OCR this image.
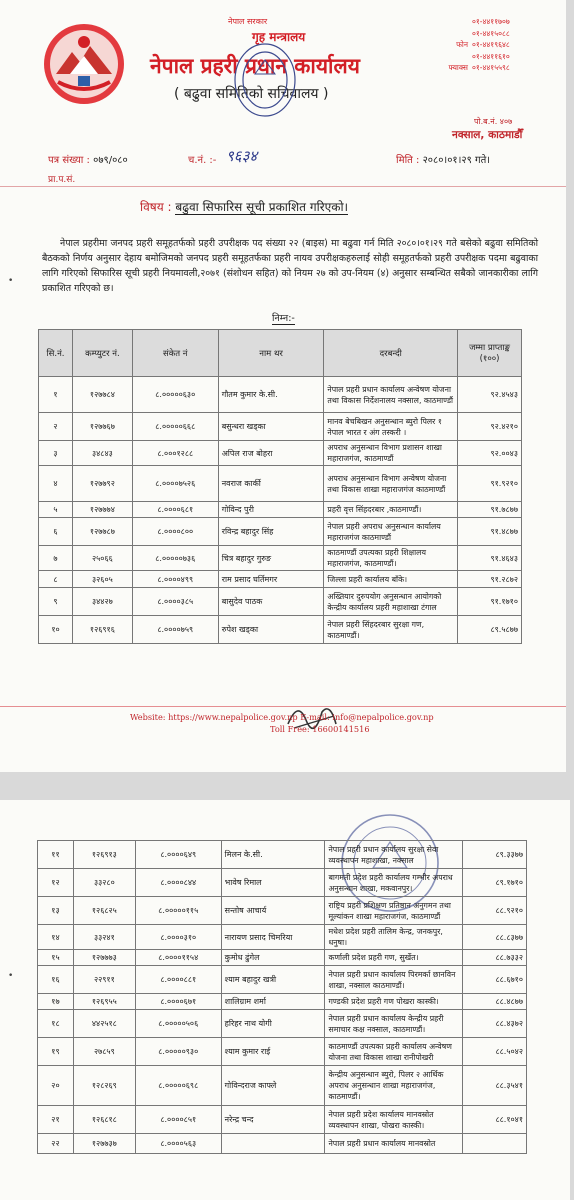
नेपाल सरकार
गृह मन्त्रालय
नेपाल प्रहरी प्रधान कार्यालय
( बढुवा समितिको सचिवालय )
०१-४४११७०७
०१-४४१५०८८
फोन ०१-४४१९६४८
०१-४४११६१०
फ्याक्स ०१-४४१५५९८
पो.ब.नं. ४०७
नक्साल, काठमाडौँ
पत्र संख्या : ०७९/०८०	च.नं. :- ९६३४	मिति : २०८०।०१।२९ गते।
प्रा.प.सं.
विषय : बढुवा सिफारिस सूची प्रकाशित गरिएको।
•
नेपाल प्रहरीमा जनपद प्रहरी समूहतर्फको प्रहरी उपरीक्षक पद संख्या २२ (बाइस) मा बढुवा गर्न मिति २०८०।०१।२९ गते बसेको बढुवा समितिको बैठकको निर्णय अनुसार देहाय बमोजिमको जनपद प्रहरी समूहतर्फका प्रहरी नायव उपरीक्षकहरुलाई सोही समूहतर्फको प्रहरी उपरीक्षक पदमा बढुवाका लागि गरिएको सिफारिस सूची प्रहरी नियमावली,२०७१ (संशोधन सहित) को नियम २७ को उप-नियम (४) अनुसार सम्बन्धित सबैको जानकारीका लागि प्रकाशित गरिएको छ।
निम्न:-
सि.नं.	कम्प्युटर नं.	संकेत नं	नाम थर	दरबन्दी	जम्मा प्राप्ताङ्क (१००)
१	१२७७८४	८.०००००६३०	गौतम कुमार के.सी.	नेपाल प्रहरी प्रधान कार्यालय अन्वेषण योजना तथा विकास निर्देशनालय नक्साल, काठमाण्डौं	९२.४५४३
२	१२७७६७	८.०००००६६८	बसुन्धरा खड्का	मानव बेचबिखन अनुसन्धान ब्युरो पिलर १ नेपाल भारत र अंग तस्करी ।	९२.४२१०
३	३४८४३	८.०००१२८८	अपिल राज बोहरा	अपराध अनुसन्धान विभाग प्रशासन शाखा महाराजगंज, काठमाण्डौं	९२.००४३
४	१२७७९२	८.००००७५२६	नवराज कार्की	अपराध अनुसन्धान विभाग अन्वेषण योजना तथा विकास शाखा महाराजगंज काठमाण्डौं	९१.९२१०
५	१२७७७४	८.००००६८१	गोविन्द पुरी	प्रहरी वृत्त सिंहदरबार ,काठमाण्डौं।	९१.७८७७
६	१२७७८७	८.००००८००	रविन्द्र बहादुर सिंह	नेपाल प्रहरी अपराध अनुसन्धान कार्यालय महाराजगंज काठमाण्डौं	९१.४८७७
७	२५०६६	८.०००००७३६	चित्र बहादुर गुरुङ	काठमाण्डौं उपत्यका प्रहरी शिक्षालय महाराजगंज, काठमाण्डौं।	९१.४६४३
८	३२६०५	८.००००४९९	राम प्रसाद घर्तिमगर	जिल्ला प्रहरी कार्यालय बाँके।	९१.२८७२
९	३४४२७	८.००००३८५	बासुदेव पाठक	अख्तियार दुरुपयोग अनुसन्धान आयोगको केन्द्रीय कार्यालय प्रहरी महाशाखा टंगाल	९१.१७१०
१०	१२६९१६	८.००००७५९	रुपेश खड्का	नेपाल प्रहरी सिंहदरबार सुरक्षा गण, काठमाण्डौं।	८९.५८७७
Website: https://www.nepalpolice.gov.np E-mail: info@nepalpolice.gov.np
Toll Free: 16600141516
११	१२६९१३	८.००००६४९	मिलन के.सी.	नेपाल प्रहरी प्रधान कार्यालय सुरक्षा सेवा व्यवस्थापन महाशाखा, नक्साल	८९.३३७७
१२	३३२८०	८.००००८४४	भावेष रिमाल	बागमती प्रदेश प्रहरी कार्यालय गम्भीर अपराध अनुसन्धान शाखा, मकवानपुर।	८९.१७१०
१३	१२६८२५	८.०००००११५	सन्तोष आचार्य	राष्ट्रिय प्रहरी प्रशिक्षण प्रतिष्ठान अनुगमन तथा मूल्यांकन शाखा महाराजगंज, काठमाण्डौं	८८.९२१०
१४	३३२४१	८.००००३१०	नारायण प्रसाद चिमरिया	मधेश प्रदेश प्रहरी तालिम केन्द्र, जनकपुर, धनुषा।	८८.८३७७
१५	१२७७७३	८.००००११५४	कुमोध ढुंगेल	कर्णाली प्रदेश प्रहरी गण, सुर्खेत।	८८.७३३२
१६	२२९११	८.००००८८१	श्याम बहादुर खत्री	नेपाल प्रहरी प्रधान कार्यालय पिरमर्का छानविन शाखा, नक्साल काठमाण्डौं।	८८.६७१०
१७	१२६९५५	८.००००६७१	शालिग्राम शर्मा	गण्डकी प्रदेश प्रहरी गण पोखरा कास्की।	८८.४८७७
१८	४४२५१८	८.०००००५०६	हरिहर नाथ योगी	नेपाल प्रहरी प्रधान कार्यालय केन्द्रीय प्रहरी समाचार कक्ष नक्साल, काठमाण्डौं।	८८.४३७२
१९	२७८५९	८.०००००९३०	श्याम कुमार राई	काठमाण्डौं उपत्यका प्रहरी कार्यालय अन्वेषण योजना तथा विकास शाखा रानीपोखरी	८८.५०४२
२०	१२८२६९	८.०००००६९८	गोविन्दराज काफ्ले	केन्द्रीय अनुसन्धान ब्युरो, पिलर २ आर्थिक अपराध अनुसन्धान शाखा महाराजगंज, काठमाण्डौं।	८८.३५४१
२१	१२६८१८	८.००००८५१	नरेन्द्र चन्द	नेपाल प्रहरी प्रदेश कार्यालय मानवस्रोत व्यवस्थापन शाखा, पोखरा कास्की।	८८.१०४१
२२	१२७७३७	८.००००५६३		नेपाल प्रहरी प्रधान कार्यालय मानवस्रोत	
•
